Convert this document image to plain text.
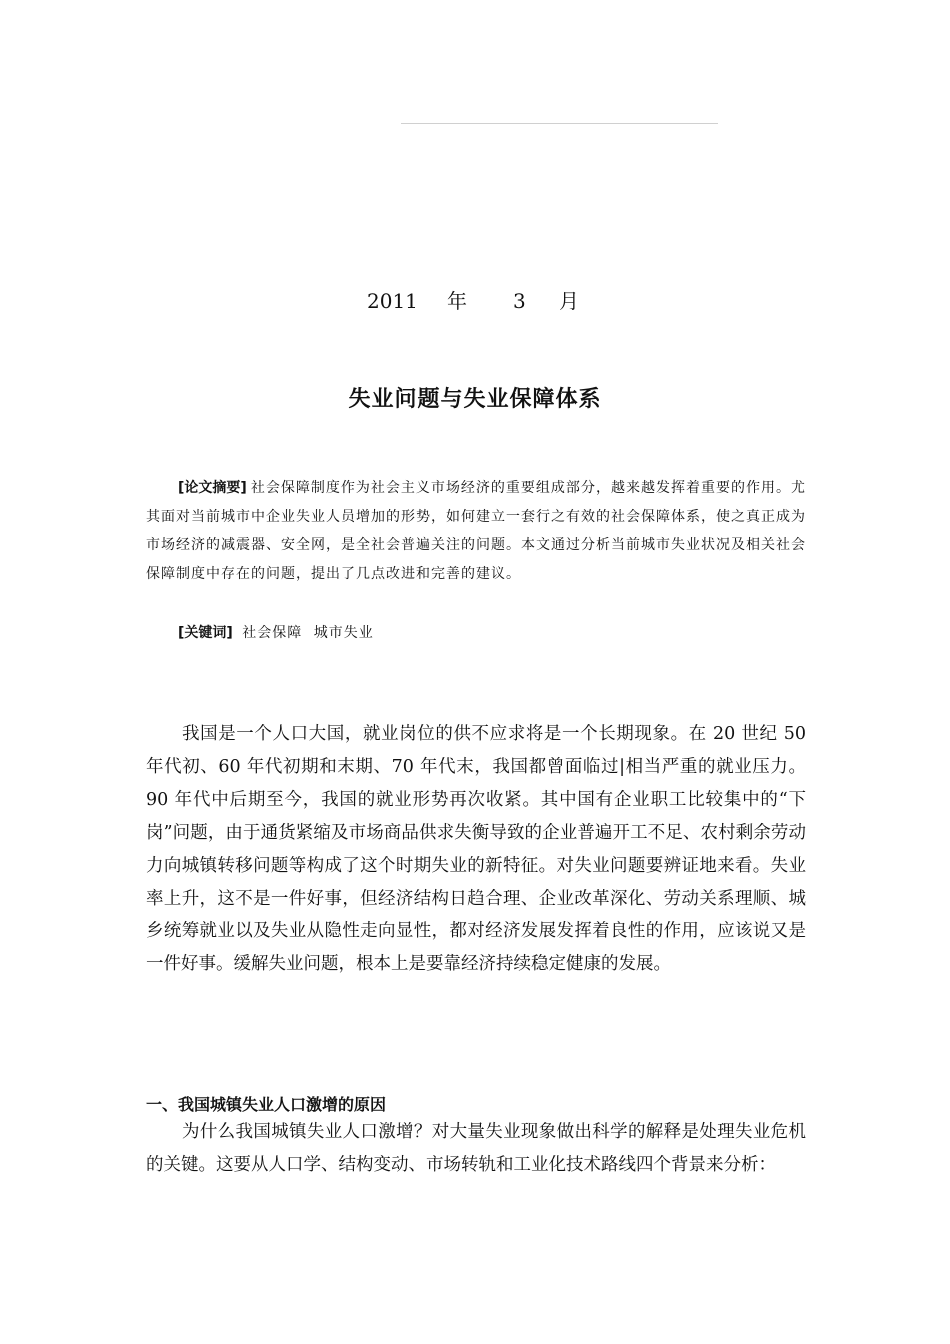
2011

年

3

月

失业问题与失业保障体系
[论文摘要] 社会保障制度作为社会主义市场经济的重要组成部分，越来越发挥着重要的作用。尤其面对当前城市中企业失业人员增加的形势，如何建立一套行之有效的社会保障体系，使之真正成为市场经济的减震器、安全网，是全社会普遍关注的问题。本文通过分析当前城市失业状况及相关社会保障制度中存在的问题，提出了几点改进和完善的建议。
[关键词] 社会保障 城市失业
我国是一个人口大国，就业岗位的供不应求将是一个长期现象。在 20 世纪 50 年代初、60 年代初期和末期、70 年代末，我国都曾面临过|相当严重的就业压力。90 年代中后期至今，我国的就业形势再次收紧。其中国有企业职工比较集中的“下岗”问题，由于通货紧缩及市场商品供求失衡导致的企业普遍开工不足、农村剩余劳动力向城镇转移问题等构成了这个时期失业的新特征。对失业问题要辨证地来看。失业率上升，这不是一件好事，但经济结构日趋合理、企业改革深化、劳动关系理顺、城乡统筹就业以及失业从隐性走向显性，都对经济发展发挥着良性的作用，应该说又是一件好事。缓解失业问题，根本上是要靠经济持续稳定健康的发展。
一、我国城镇失业人口激增的原因
为什么我国城镇失业人口激增？对大量失业现象做出科学的解释是处理失业危机的关键。这要从人口学、结构变动、市场转轨和工业化技术路线四个背景来分析：
